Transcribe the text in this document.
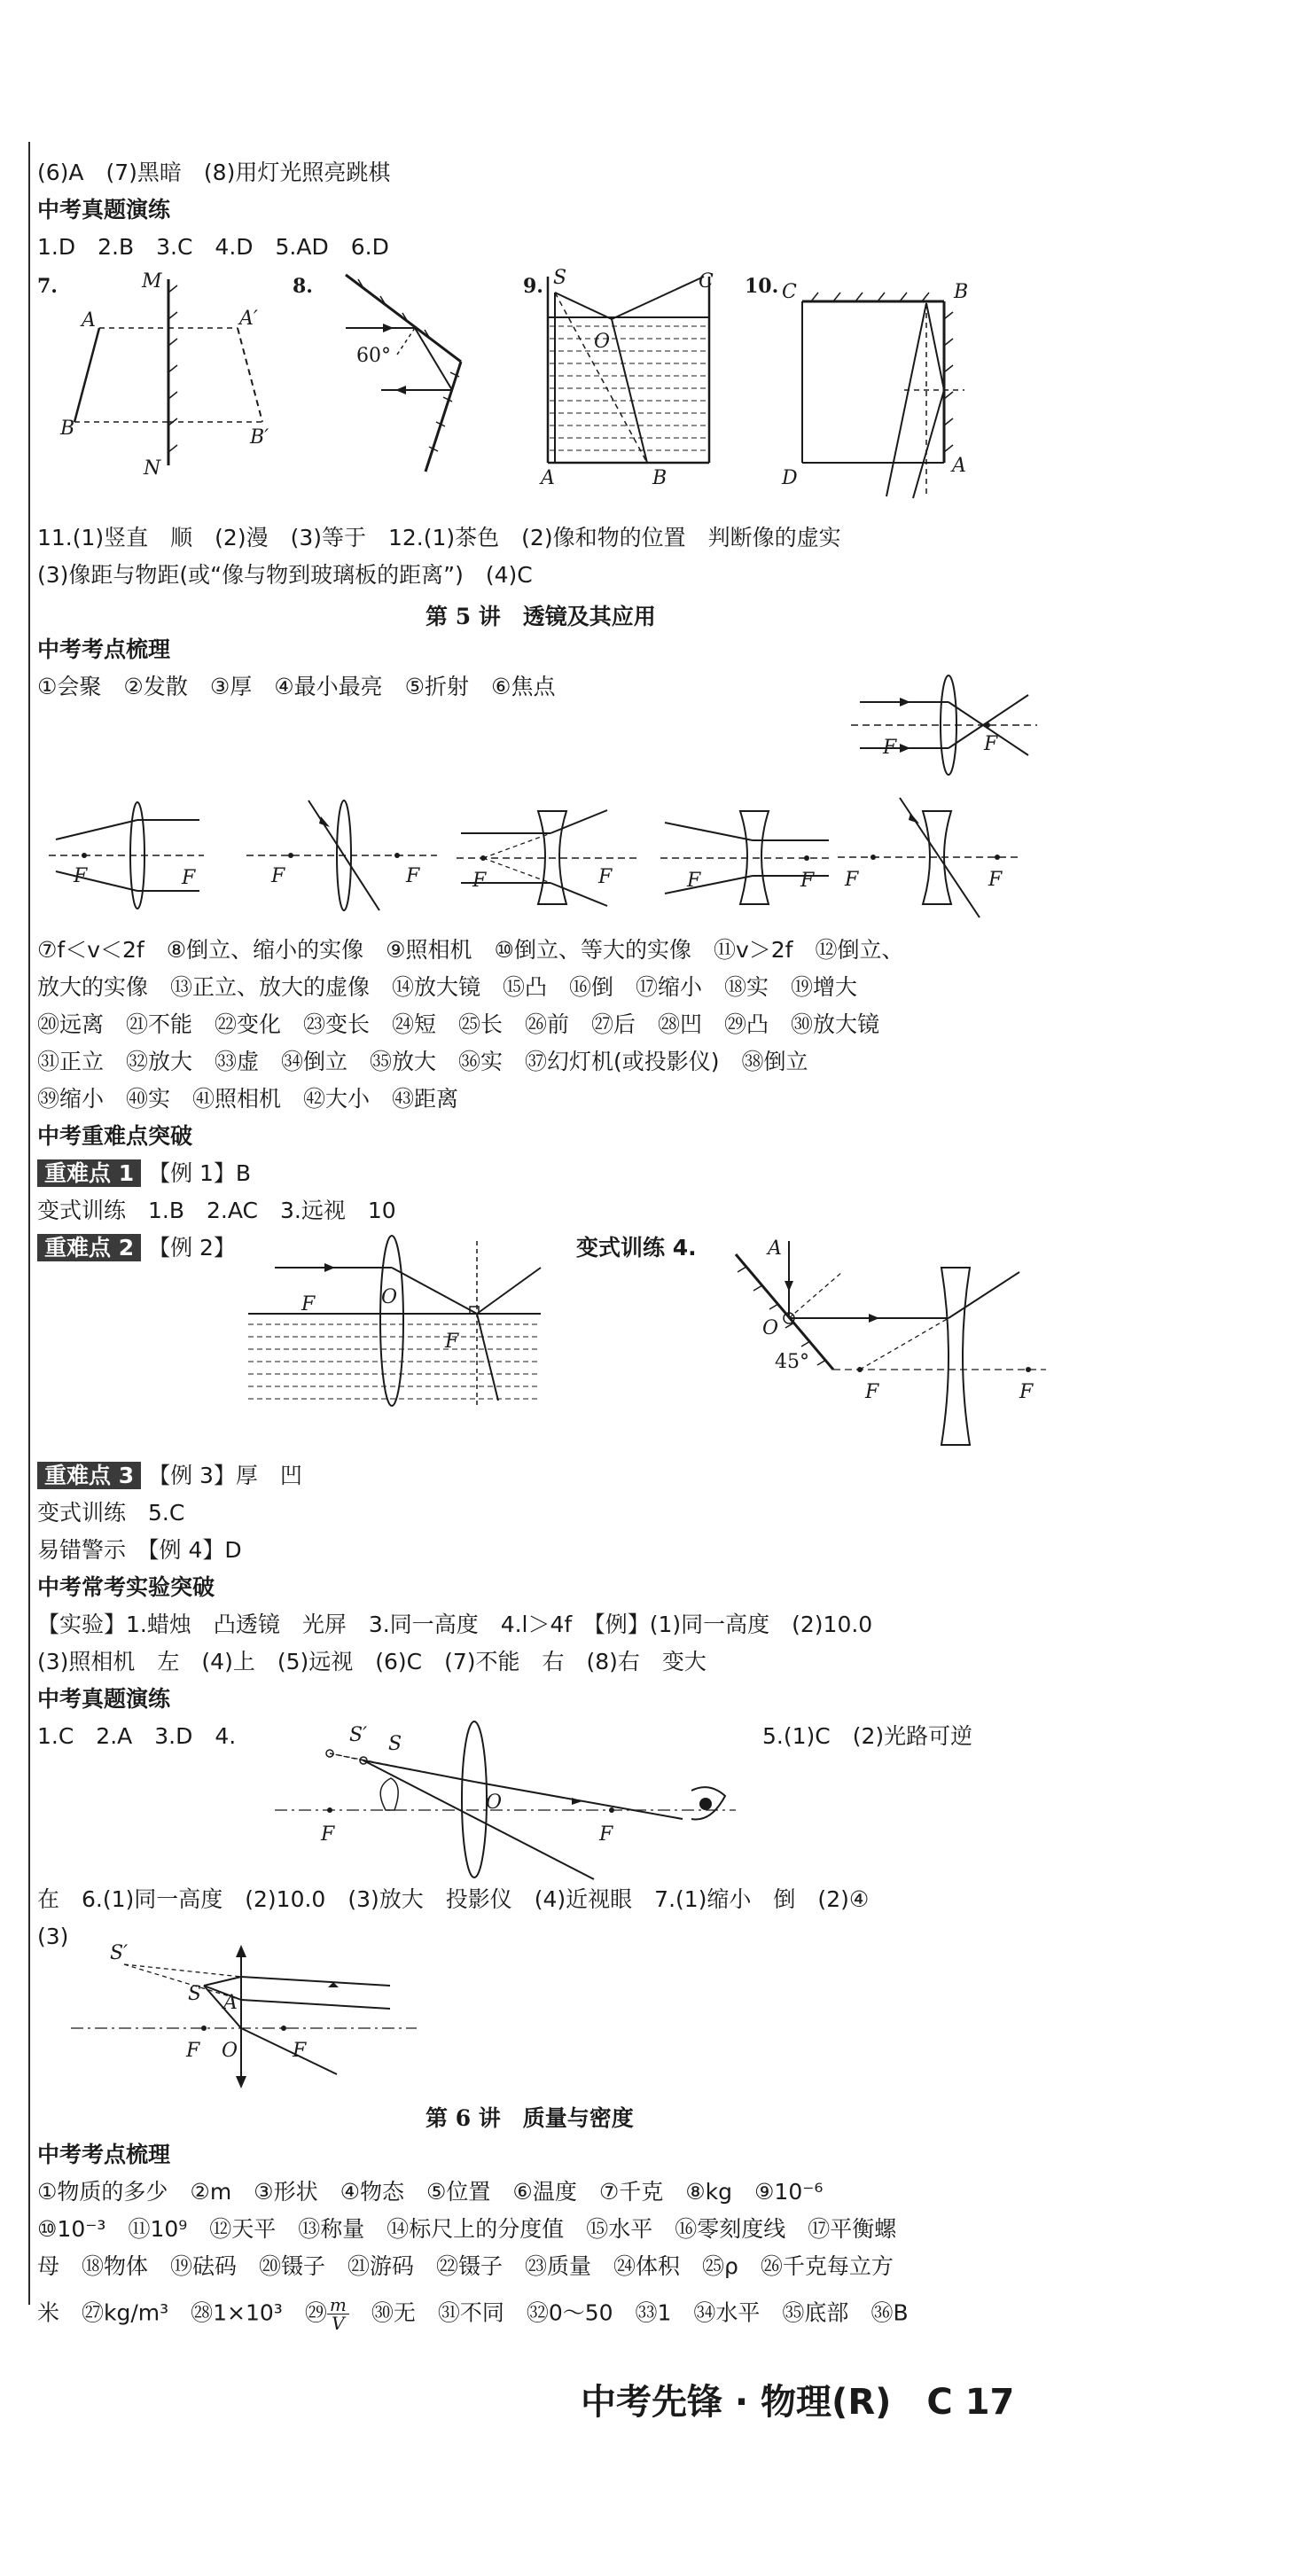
(6)A　(7)黑暗　(8)用灯光照亮跳棋
中考真题演练
1.D　2.B　3.C　4.D　5.AD　6.D
7.	M
A
B
A′
B′
N
8.
60°
9. S	C
O
A	B
10. C	B
D
A
11.(1)竖直　顺　(2)漫　(3)等于　12.(1)茶色　(2)像和物的位置　判断像的虚实
(3)像距与物距(或“像与物到玻璃板的距离”)　(4)C
第 5 讲　透镜及其应用
中考考点梳理
①会聚　②发散　③厚　④最小最亮　⑤折射　⑥焦点
F	F
F	F	F	F	F	F	F	F F	F
⑦f＜v＜2f　⑧倒立、缩小的实像　⑨照相机　⑩倒立、等大的实像　⑪v＞2f　⑫倒立、
放大的实像　⑬正立、放大的虚像　⑭放大镜　⑮凸　⑯倒　⑰缩小　⑱实　⑲增大
⑳远离　㉑不能　㉒变化　㉓变长　㉔短　㉕长　㉖前　㉗后　㉘凹　㉙凸　㉚放大镜
㉛正立　㉜放大　㉝虚　㉞倒立　㉟放大　㊱实　㊲幻灯机(或投影仪)　㊳倒立
㊴缩小　㊵实　㊶照相机　㊷大小　㊸距离
中考重难点突破
重难点 1 【例 1】B
变式训练　1.B　2.AC　3.远视　10
重难点 2 【例 2】
F	O
F
变式训练 4.	A
O
45°
F	F
重难点 3 【例 3】厚　凹
变式训练　5.C
易错警示　【例 4】D
中考常考实验突破
【实验】1.蜡烛　凸透镜　光屏　3.同一高度　4.l＞4f　【例】(1)同一高度　(2)10.0
(3)照相机　左　(4)上　(5)远视　(6)C　(7)不能　右　(8)右　变大
中考真题演练
1.C　2.A　3.D　4.	5.(1)C　(2)光路可逆
S′ S
O
F	F
在　6.(1)同一高度　(2)10.0　(3)放大　投影仪　(4)近视眼　7.(1)缩小　倒　(2)④
(3)
S′
S A
F O	F
第 6 讲　质量与密度
中考考点梳理
①物质的多少　②m　③形状　④物态　⑤位置　⑥温度　⑦千克　⑧kg　⑨10⁻⁶
⑩10⁻³　⑪10⁹　⑫天平　⑬称量　⑭标尺上的分度值　⑮水平　⑯零刻度线　⑰平衡螺
母　⑱物体　⑲砝码　⑳镊子　㉑游码　㉒镊子　㉓质量　㉔体积　㉕ρ　㉖千克每立方
米　㉗kg/m³　㉘1×10³　㉙ $\frac{m}{V}$ 　㉚无　㉛不同　㉜0～50　㉝1　㉞水平　㉟底部　㊱B
中考先锋 · 物理(R)　C 17
